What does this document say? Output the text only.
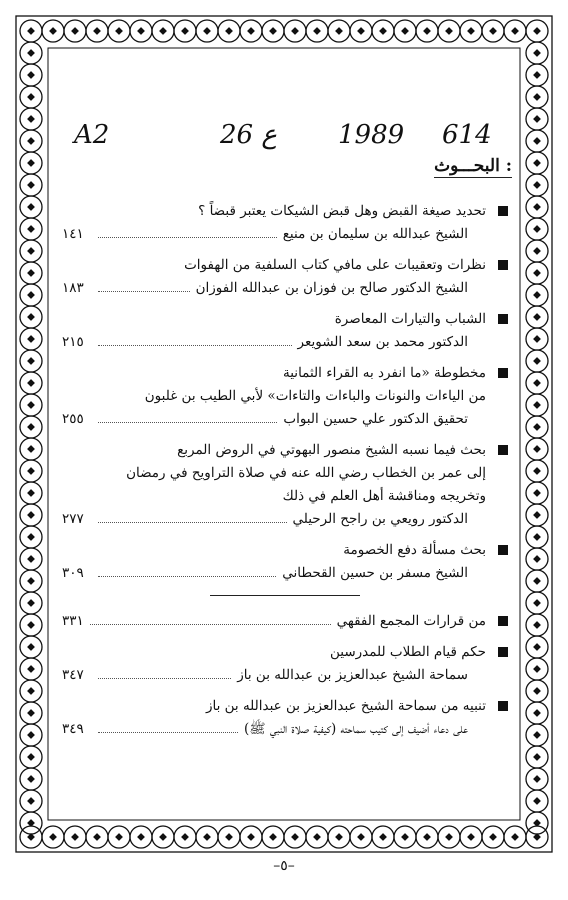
A2	26 ع 1989 614
البحـــوث :
تحديد صيغة القبض وهل قبض الشيكات يعتبر قبضاً ؟
الشيخ عبدالله بن سليمان بن منيع
١٤١
نظرات وتعقيبات على مافي كتاب السلفية من الهفوات
الشيخ الدكتور صالح بن فوزان بن عبدالله الفوزان
١٨٣
الشباب والتيارات المعاصرة
الدكتور محمد بن سعد الشويعر
٢١٥
مخطوطة «ما انفرد به القراء الثمانية
من الياءات والنونات والباءات والتاءات» لأبي الطيب بن غلبون
تحقيق الدكتور علي حسين البواب
٢٥٥
بحث فيما نسبه الشيخ منصور البهوتي في الروض المربع
إلى عمر بن الخطاب رضي الله عنه في صلاة التراويح في رمضان
وتخريجه ومناقشة أهل العلم في ذلك
الدكتور رويعي بن راجح الرحيلي
٢٧٧
بحث مسألة دفع الخصومة
الشيخ مسفر بن حسين القحطاني
٣٠٩
من قرارات المجمع الفقهي
٣٣١
حكم قيام الطلاب للمدرسين
سماحة الشيخ عبدالعزيز بن عبدالله بن باز
٣٤٧
تنبيه من سماحة الشيخ عبدالعزيز بن عبدالله بن باز
على دعاء أضيف إلى كتيب سماحته (كيفية صلاة النبي ﷺ)
٣٤٩
–٥–
